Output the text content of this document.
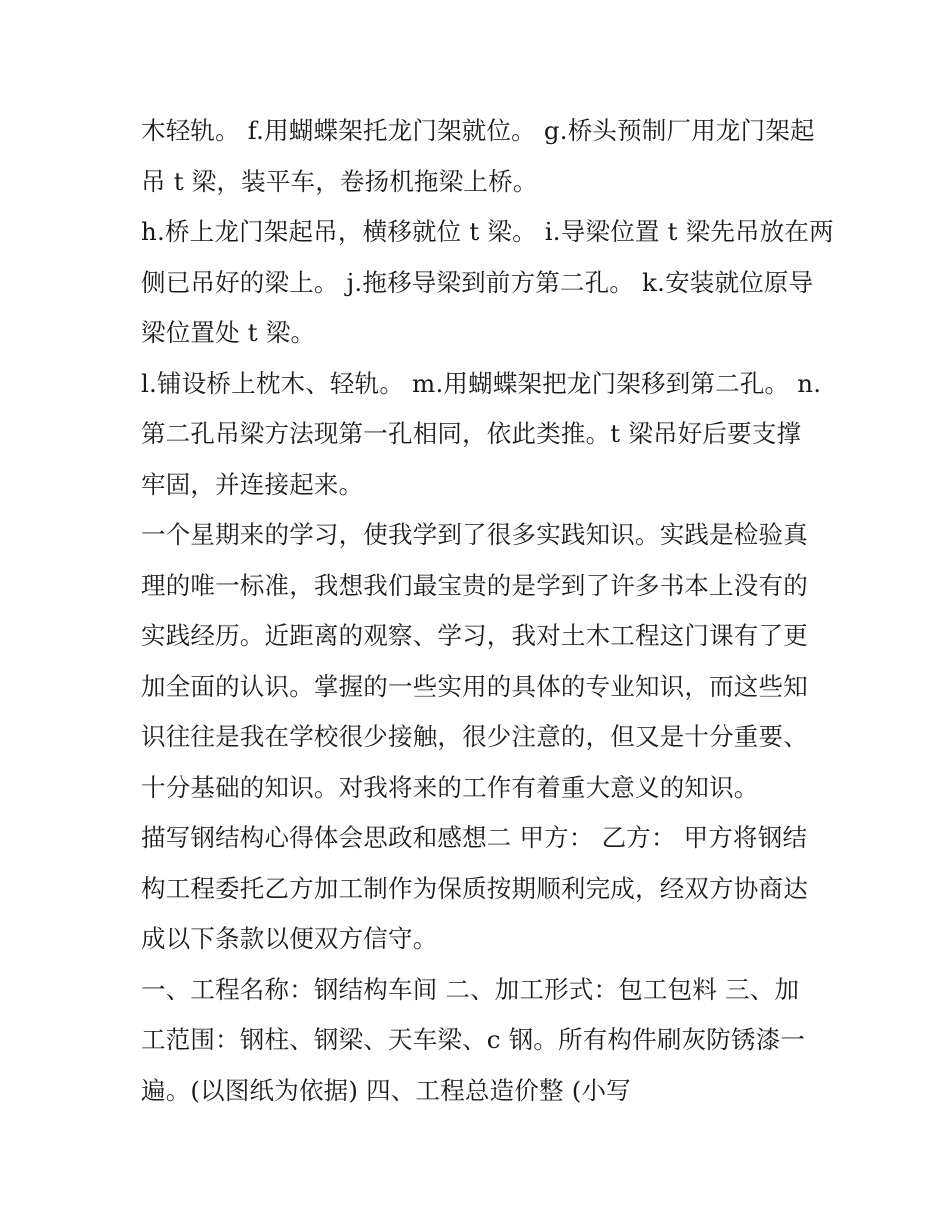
木轻轨。 f.用蝴蝶架托龙门架就位。 g.桥头预制厂用龙门架起
吊 t 梁，装平车，卷扬机拖梁上桥。

h.桥上龙门架起吊，横移就位 t 梁。 i.导梁位置 t 梁先吊放在两
侧已吊好的梁上。 j.拖移导梁到前方第二孔。 k.安装就位原导
梁位置处 t 梁。

l.铺设桥上枕木、轻轨。 m.用蝴蝶架把龙门架移到第二孔。 n.
第二孔吊梁方法现第一孔相同，依此类推。t 梁吊好后要支撑
牢固，并连接起来。

一个星期来的学习，使我学到了很多实践知识。实践是检验真
理的唯一标准，我想我们最宝贵的是学到了许多书本上没有的
实践经历。近距离的观察、学习，我对土木工程这门课有了更
加全面的认识。掌握的一些实用的具体的专业知识，而这些知
识往往是我在学校很少接触，很少注意的，但又是十分重要、
十分基础的知识。对我将来的工作有着重大意义的知识。

描写钢结构心得体会思政和感想二 甲方： 乙方： 甲方将钢结
构工程委托乙方加工制作为保质按期顺利完成，经双方协商达
成以下条款以便双方信守。

一、工程名称：钢结构车间 二、加工形式：包工包料 三、加
工范围：钢柱、钢梁、天车梁、c 钢。所有构件刷灰防锈漆一
遍。(以图纸为依据) 四、工程总造价整 (小写
